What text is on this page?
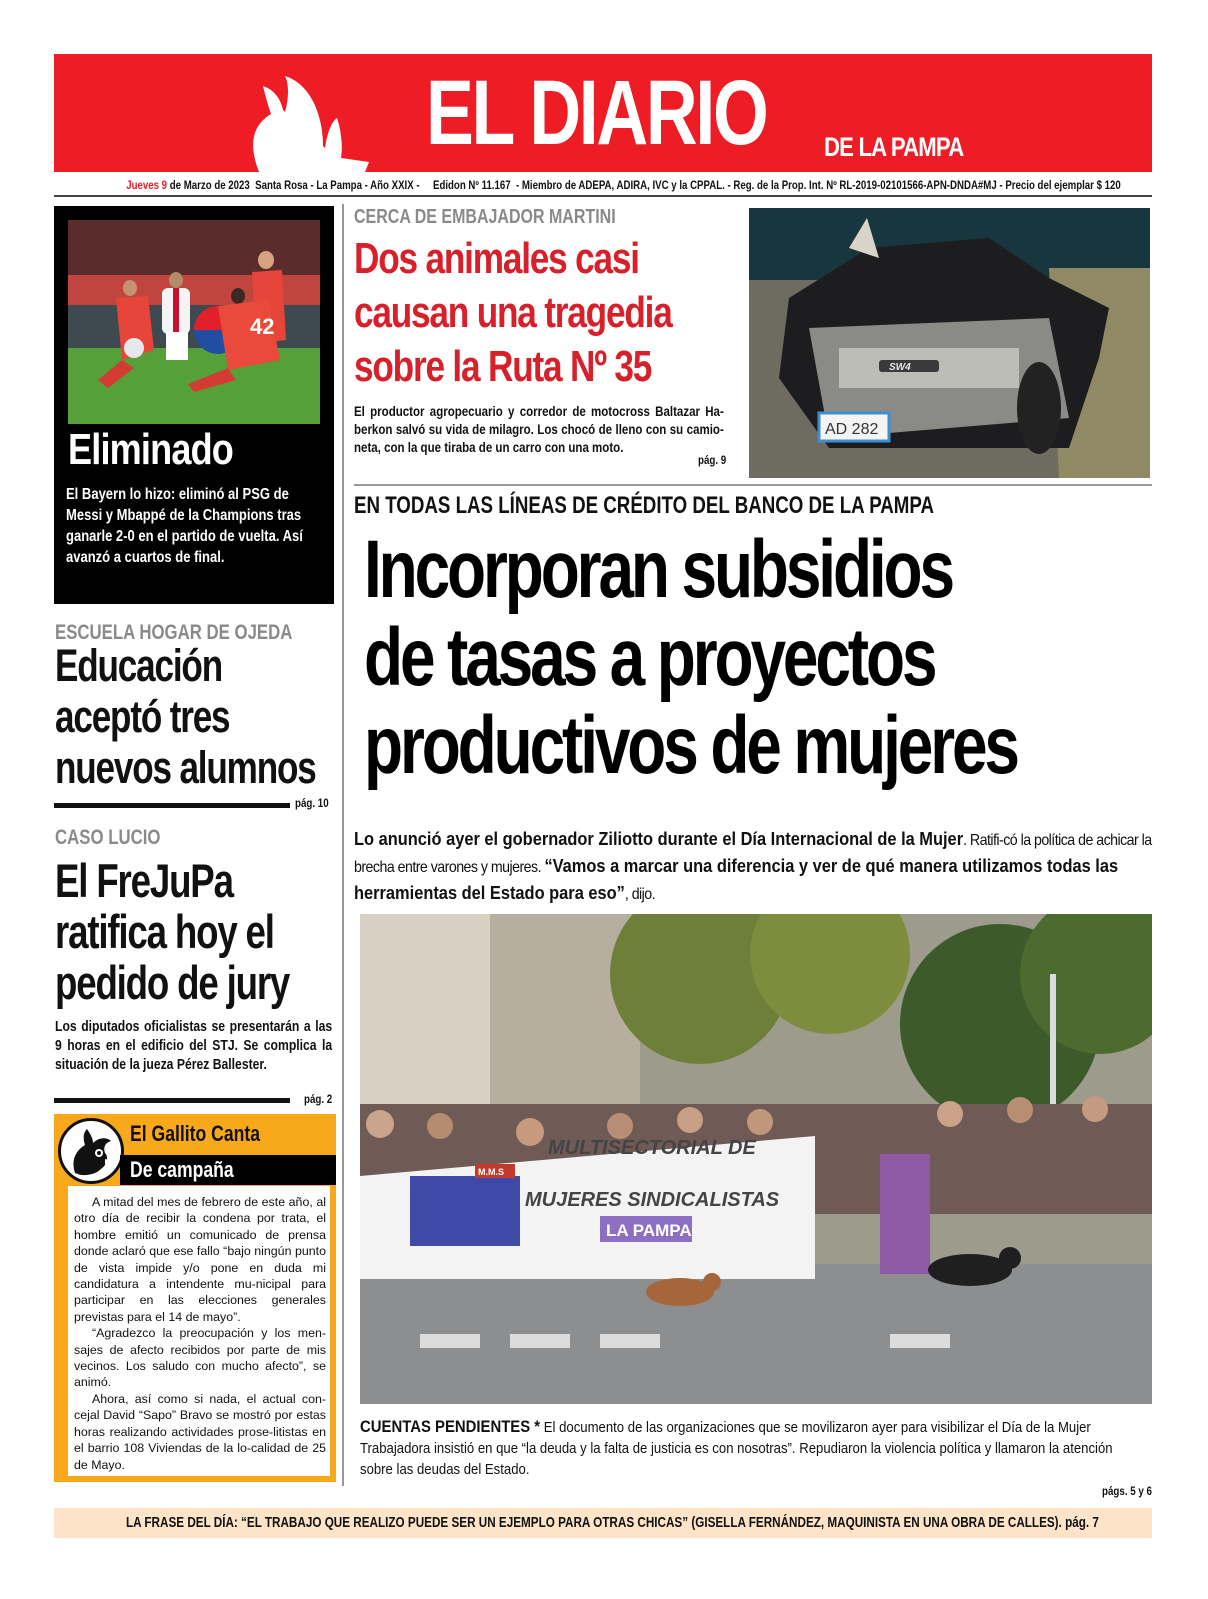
EL DIARIO DE LA PAMPA
Jueves 9 de Marzo de 2023 Santa Rosa - La Pampa - Año XXIX - Edidon Nº 11.167 - Miembro de ADEPA, ADIRA, IVC y la CPPAL. - Reg. de la Prop. Int. Nº RL-2019-02101566-APN-DNDA#MJ - Precio del ejemplar $ 120
42
Eliminado
El Bayern lo hizo: eliminó al PSG de Messi y Mbappé de la Champions tras ganarle 2-0 en el partido de vuelta. Así avanzó a cuartos de final.
ESCUELA HOGAR DE OJEDA
Educación
aceptó tres
nuevos alumnos
pág. 10
CASO LUCIO
El FreJuPa
ratifica hoy el
pedido de jury
Los diputados oficialistas se presentarán a las 9 horas en el edificio del STJ. Se complica la situación de la jueza Pérez Ballester.
pág. 2
El Gallito Canta
De campaña

A mitad del mes de febrero de este año, al otro día de recibir la condena por trata, el hombre emitió un comunicado de prensa donde aclaró que ese fallo “bajo ningún punto de vista impide y/o pone en duda mi candidatura a intendente mu-nicipal para participar en las elecciones generales previstas para el 14 de mayo”.

“Agradezco la preocupación y los men-sajes de afecto recibidos por parte de mis vecinos. Los saludo con mucho afecto”, se animó.

Ahora, así como si nada, el actual con-cejal David “Sapo” Bravo se mostró por estas horas realizando actividades prose-litistas en el barrio 108 Viviendas de la lo-calidad de 25 de Mayo.

CERCA DE EMBAJADOR MARTINI
Dos animales casi
causan una tragedia
sobre la Ruta Nº 35
El productor agropecuario y corredor de motocross Baltazar Ha-berkon salvó su vida de milagro. Los chocó de lleno con su camio-neta, con la que tiraba de un carro con una moto.
pág. 9
SW4
AD 282
EN TODAS LAS LÍNEAS DE CRÉDITO DEL BANCO DE LA PAMPA
Incorporan subsidios
de tasas a proyectos
productivos de mujeres
Lo anunció ayer el gobernador Ziliotto durante el Día Internacional de la Mujer. Ratifi-có la política de achicar la brecha entre varones y mujeres. “Vamos a marcar una diferencia y ver de qué manera utilizamos todas las herramientas del Estado para eso”, dijo.
M.M.S
MULTISECTORIAL DE
MUJERES SINDICALISTAS
LA PAMPA
CUENTAS PENDIENTES * El documento de las organizaciones que se movilizaron ayer para visibilizar el Día de la Mujer Trabajadora insistió en que “la deuda y la falta de justicia es con nosotras”. Repudiaron la violencia política y llamaron la atención sobre las deudas del Estado.
págs. 5 y 6
LA FRASE DEL DÍA: “EL TRABAJO QUE REALIZO PUEDE SER UN EJEMPLO PARA OTRAS CHICAS” (GISELLA FERNÁNDEZ, MAQUINISTA EN UNA OBRA DE CALLES). pág. 7
